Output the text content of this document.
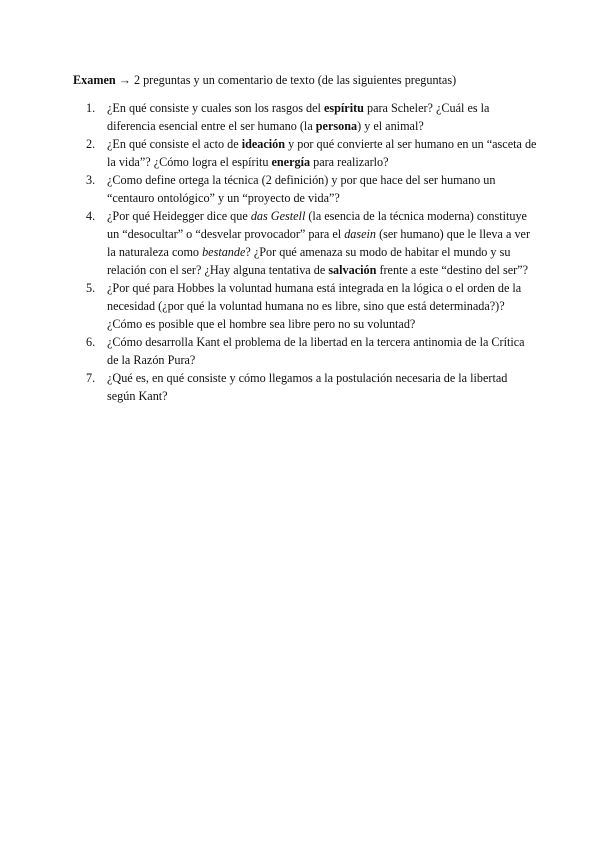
Examen → 2 preguntas y un comentario de texto (de las siguientes preguntas)
1. ¿En qué consiste y cuales son los rasgos del espíritu para Scheler? ¿Cuál es la diferencia esencial entre el ser humano (la persona) y el animal?
2. ¿En qué consiste el acto de ideación y por qué convierte al ser humano en un “asceta de la vida”? ¿Cómo logra el espíritu energía para realizarlo?
3. ¿Como define ortega la técnica (2 definición) y por que hace del ser humano un “centauro ontológico” y un “proyecto de vida”?
4. ¿Por qué Heidegger dice que das Gestell (la esencia de la técnica moderna) constituye un “desocultar” o “desvelar provocador” para el dasein (ser humano) que le lleva a ver la naturaleza como bestande? ¿Por qué amenaza su modo de habitar el mundo y su relación con el ser? ¿Hay alguna tentativa de salvación frente a este “destino del ser”?
5. ¿Por qué para Hobbes la voluntad humana está integrada en la lógica o el orden de la necesidad (¿por qué la voluntad humana no es libre, sino que está determinada?)? ¿Cómo es posible que el hombre sea libre pero no su voluntad?
6. ¿Cómo desarrolla Kant el problema de la libertad en la tercera antinomia de la Crítica de la Razón Pura?
7. ¿Qué es, en qué consiste y cómo llegamos a la postulación necesaria de la libertad según Kant?
